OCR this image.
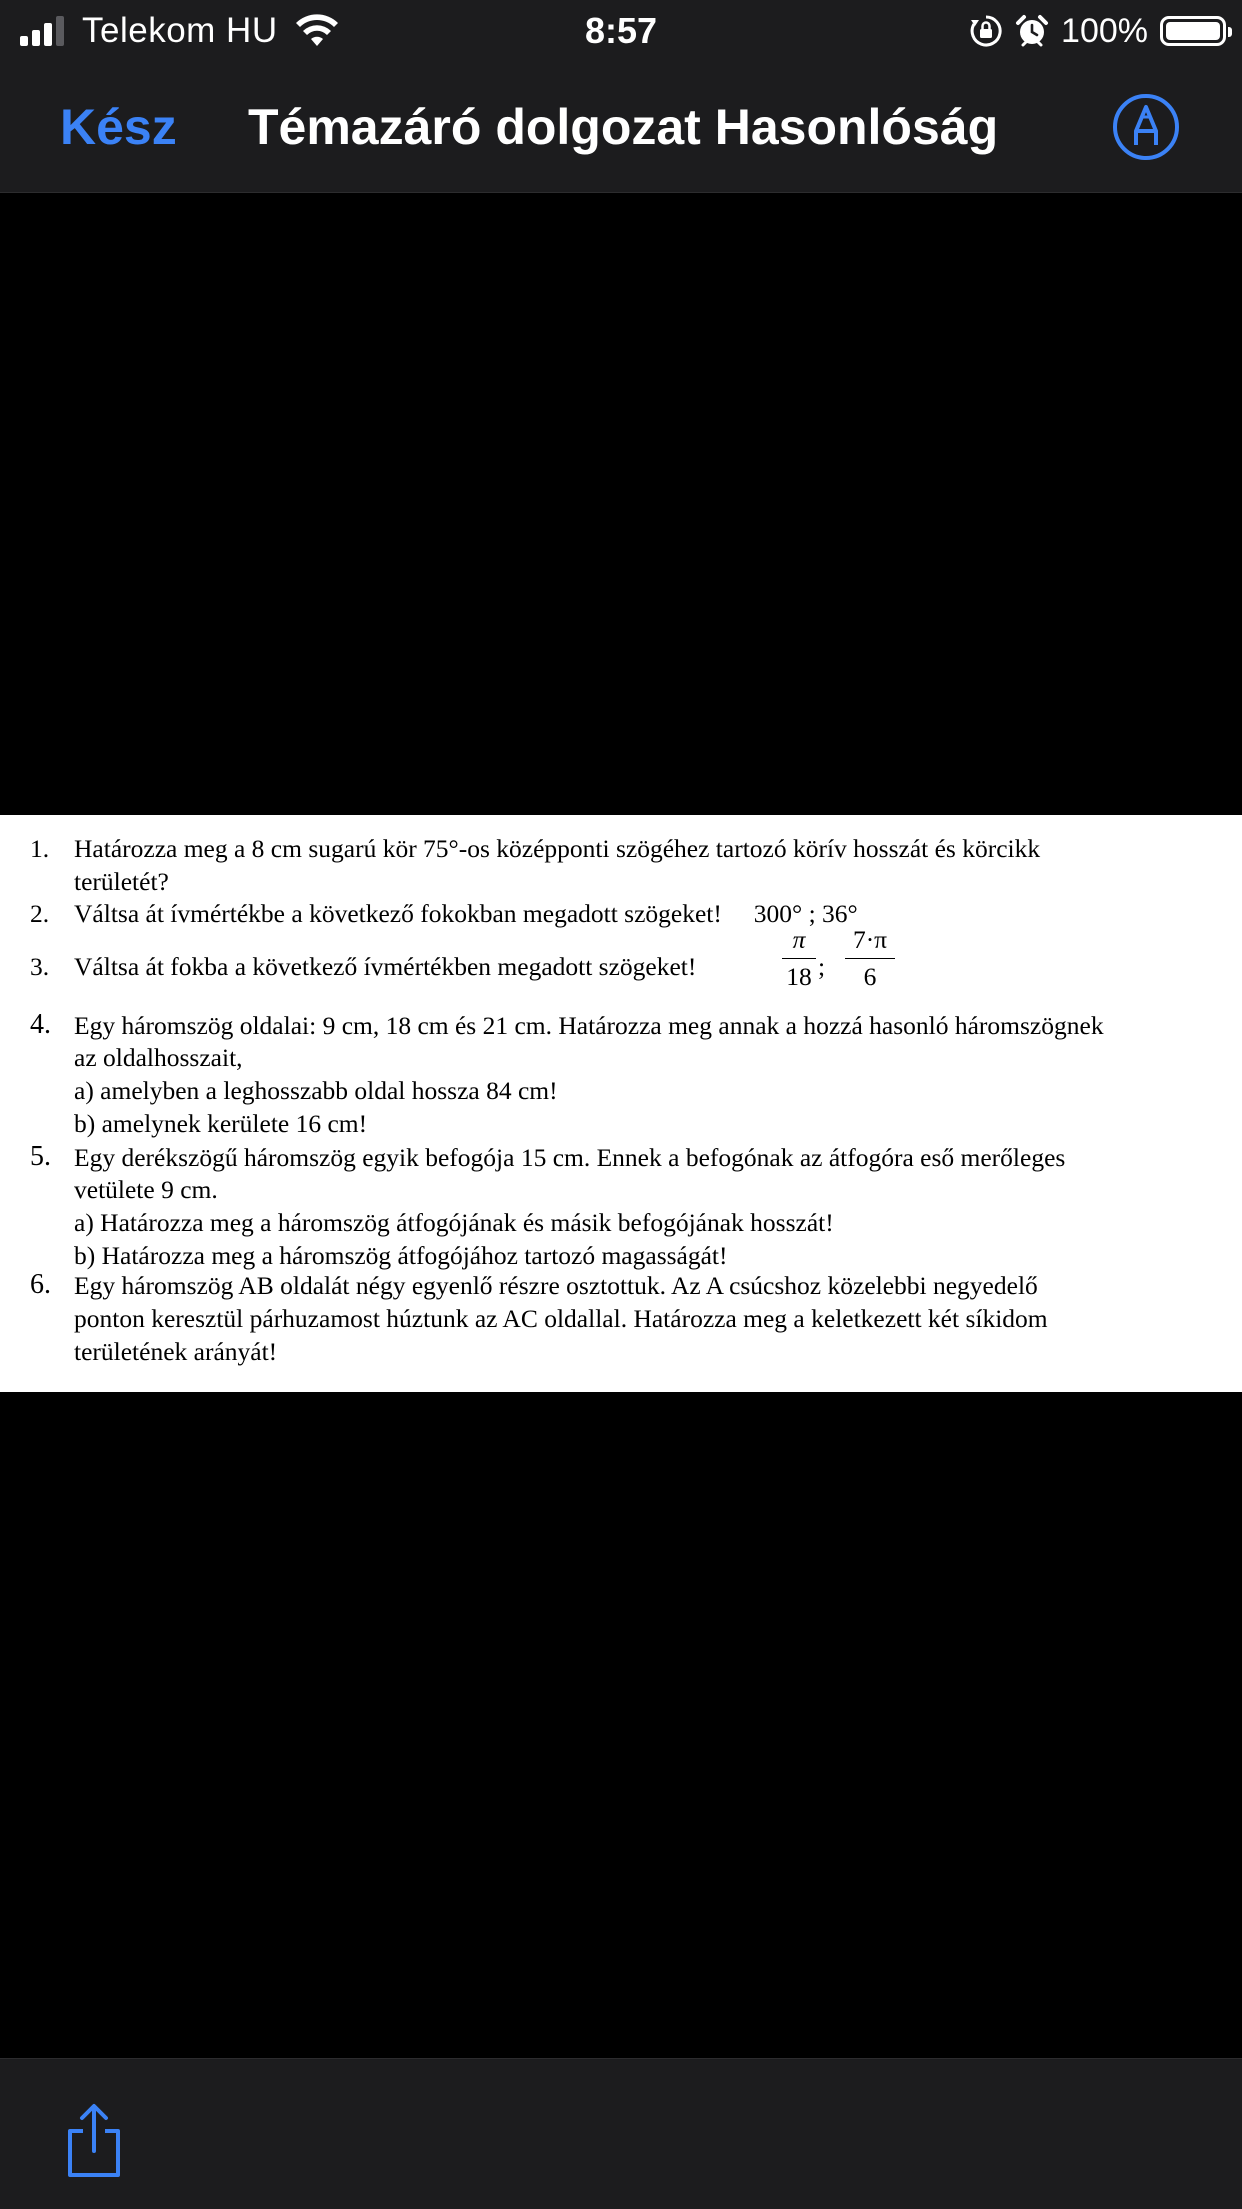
Telekom HU	8:57	100%
Kész Témazáró dolgozat Hasonlóság
1. Határozza meg a 8 cm sugarú kör 75°-os középponti szögéhez tartozó körív hosszát és körcikk
területét?
2. Váltsa át ívmértékbe a következő fokokban megadott szögeket!     300° ; 36°
3. Váltsa át fokba a következő ívmértékben megadott szögeket!
π
18 ;
7·π
6
4. Egy háromszög oldalai: 9 cm, 18 cm és 21 cm. Határozza meg annak a hozzá hasonló háromszögnek
az oldalhosszait,
a) amelyben a leghosszabb oldal hossza 84 cm!
b) amelynek kerülete 16 cm!
5. Egy derékszögű háromszög egyik befogója 15 cm. Ennek a befogónak az átfogóra eső merőleges
vetülete 9 cm.
a) Határozza meg a háromszög átfogójának és másik befogójának hosszát!
b) Határozza meg a háromszög átfogójához tartozó magasságát!
6. Egy háromszög AB oldalát négy egyenlő részre osztottuk. Az A csúcshoz közelebbi negyedelő
ponton keresztül párhuzamost húztunk az AC oldallal. Határozza meg a keletkezett két síkidom
területének arányát!
